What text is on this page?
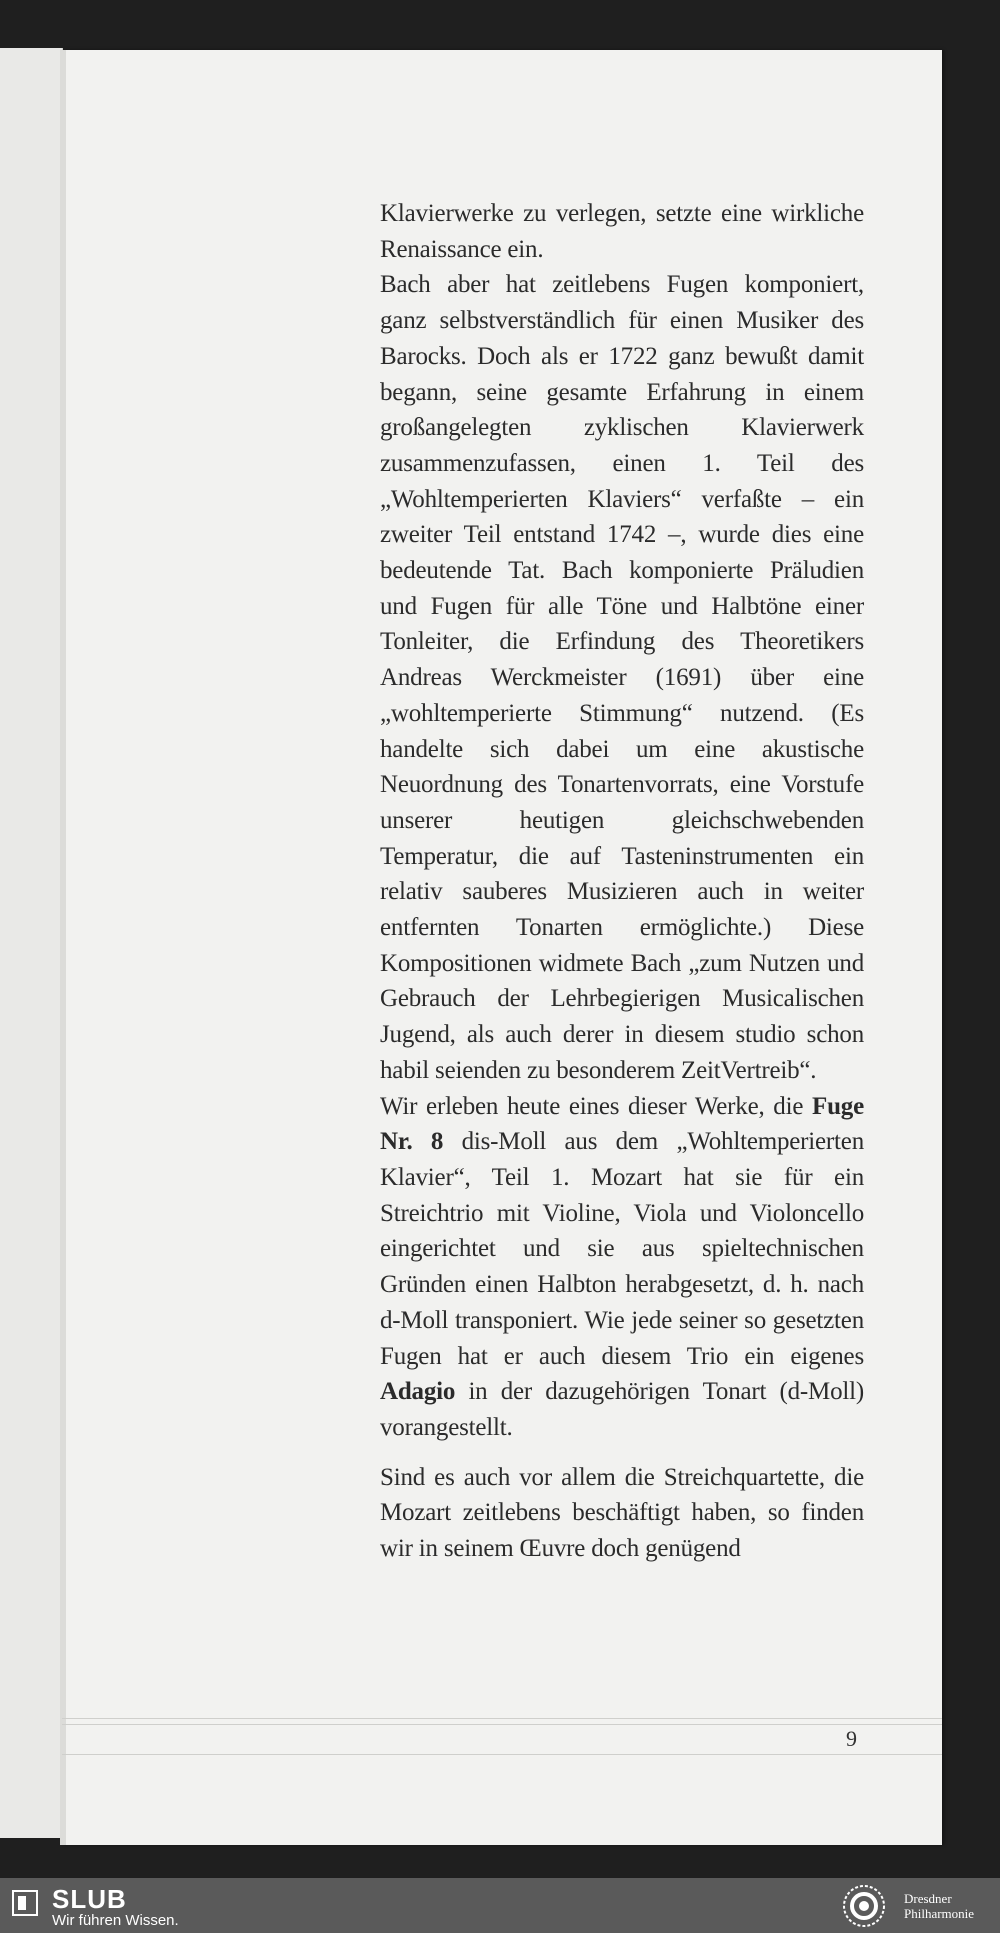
Klavierwerke zu verlegen, setzte eine wirkliche Renaissance ein.

Bach aber hat zeitlebens Fugen komponiert, ganz selbstverständlich für einen Musiker des Barocks. Doch als er 1722 ganz bewußt damit begann, seine gesamte Erfahrung in einem großangelegten zyklischen Klavierwerk zusammenzufassen, einen 1. Teil des „Wohltemperierten Klaviers“ verfaßte – ein zweiter Teil entstand 1742 –, wurde dies eine bedeutende Tat. Bach komponierte Präludien und Fugen für alle Töne und Halbtöne einer Tonleiter, die Erfindung des Theoretikers Andreas Werckmeister (1691) über eine „wohltemperierte Stimmung“ nutzend. (Es handelte sich dabei um eine akustische Neuordnung des Tonartenvorrats, eine Vorstufe unserer heutigen gleichschwebenden Temperatur, die auf Tasteninstrumenten ein relativ sauberes Musizieren auch in weiter entfernten Tonarten ermöglichte.) Diese Kompositionen widmete Bach „zum Nutzen und Gebrauch der Lehrbegierigen Musicalischen Jugend, als auch derer in diesem studio schon habil seienden zu besonderem ZeitVertreib“.

Wir erleben heute eines dieser Werke, die Fuge Nr. 8 dis-Moll aus dem „Wohltemperierten Klavier“, Teil 1. Mozart hat sie für ein Streichtrio mit Violine, Viola und Violoncello eingerichtet und sie aus spieltechnischen Gründen einen Halbton herabgesetzt, d. h. nach d-Moll transponiert. Wie jede seiner so gesetzten Fugen hat er auch diesem Trio ein eigenes Adagio in der dazugehörigen Tonart (d-Moll) vorangestellt.

Sind es auch vor allem die Streichquartette, die Mozart zeitlebens beschäftigt haben, so finden wir in seinem Œuvre doch genügend

9
SLUB
Wir führen Wissen.
Dresdner
Philharmonie
